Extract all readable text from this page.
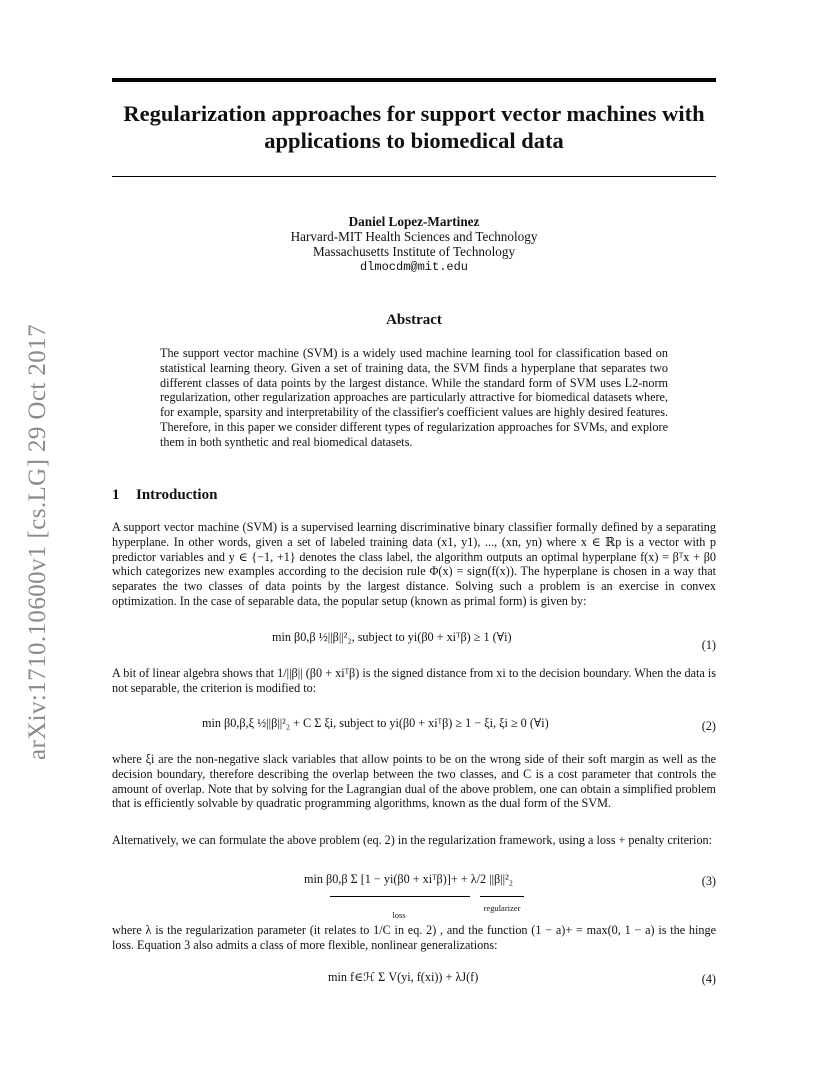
arXiv:1710.10600v1 [cs.LG] 29 Oct 2017
Regularization approaches for support vector machines with applications to biomedical data
Daniel Lopez-Martinez
Harvard-MIT Health Sciences and Technology
Massachusetts Institute of Technology
dlmocdm@mit.edu
Abstract

The support vector machine (SVM) is a widely used machine learning tool for classification based on statistical learning theory. Given a set of training data, the SVM finds a hyperplane that separates two different classes of data points by the largest distance. While the standard form of SVM uses L2-norm regularization, other regularization approaches are particularly attractive for biomedical datasets where, for example, sparsity and interpretability of the classifier's coefficient values are highly desired features. Therefore, in this paper we consider different types of regularization approaches for SVMs, and explore them in both synthetic and real biomedical datasets.

1 Introduction

A support vector machine (SVM) is a supervised learning discriminative binary classifier formally defined by a separating hyperplane. In other words, given a set of labeled training data (x1, y1), ..., (xn, yn) where x ∈ ℝp is a vector with p predictor variables and y ∈ {−1, +1} denotes the class label, the algorithm outputs an optimal hyperplane f(x) = βᵀx + β0 which categorizes new examples according to the decision rule Φ(x) = sign(f(x)). The hyperplane is chosen in a way that separates the two classes of data points by the largest distance. Solving such a problem is an exercise in convex optimization. In the case of separable data, the popular setup (known as primal form) is given by:

min β0,β ½||β||²₂, subject to yi(β0 + xiᵀβ) ≥ 1 (∀i)
(1)

A bit of linear algebra shows that 1/||β|| (β0 + xiᵀβ) is the signed distance from xi to the decision boundary. When the data is not separable, the criterion is modified to:

min β0,β,ξ ½||β||²₂ + C Σ ξi, subject to yi(β0 + xiᵀβ) ≥ 1 − ξi, ξi ≥ 0 (∀i)	(2)

where ξi are the non-negative slack variables that allow points to be on the wrong side of their soft margin as well as the decision boundary, therefore describing the overlap between the two classes, and C is a cost parameter that controls the amount of overlap. Note that by solving for the Lagrangian dual of the above problem, one can obtain a simplified problem that is efficiently solvable by quadratic programming algorithms, known as the dual form of the SVM.

Alternatively, we can formulate the above problem (eq. 2) in the regularization framework, using a loss + penalty criterion:

min β0,β Σ [1 − yi(β0 + xiᵀβ)]+ + λ/2 ||β||²₂	(3)
loss
regularizer

where λ is the regularization parameter (it relates to 1/C in eq. 2) , and the function (1 − a)+ = max(0, 1 − a) is the hinge loss. Equation 3 also admits a class of more flexible, nonlinear generalizations:

min f∈ℋ Σ V(yi, f(xi)) + λJ(f)	(4)
